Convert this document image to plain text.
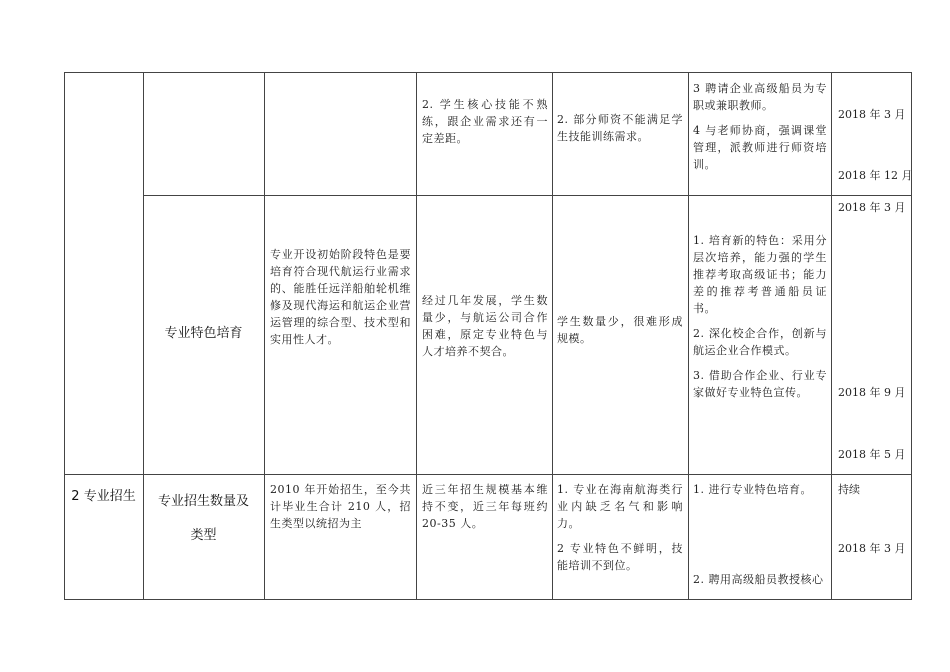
2. 学生核心技能不熟练，跟企业需求还有一定差距。

2. 部分师资不能满足学生技能训练需求。

3 聘请企业高级船员为专职或兼职教师。

4 与老师协商，强调课堂管理，派教师进行师资培训。

2018 年 3 月
2018 年 12 月
专业特色培育

专业开设初始阶段特色是要培育符合现代航运行业需求的、能胜任远洋船舶轮机维修及现代海运和航运企业营运管理的综合型、技术型和实用性人才。

经过几年发展，学生数量少，与航运公司合作困难，原定专业特色与人才培养不契合。

学生数量少，很难形成规模。

1. 培育新的特色：采用分层次培养，能力强的学生推荐考取高级证书；能力差的推荐考普通船员证书。

2. 深化校企合作，创新与航运企业合作模式。

3. 借助合作企业、行业专家做好专业特色宣传。

2018 年 3 月
2018 年 9 月
2018 年 5 月
2 专业招生	专业招生数量及
类型

2010 年开始招生，至今共计毕业生合计 210 人，招生类型以统招为主

近三年招生规模基本维持不变，近三年每班约 20-35 人。

1. 专业在海南航海类行业内缺乏名气和影响力。

2 专业特色不鲜明，技能培训不到位。

1. 进行专业特色培育。

2. 聘用高级船员教授核心

持续
2018 年 3 月
